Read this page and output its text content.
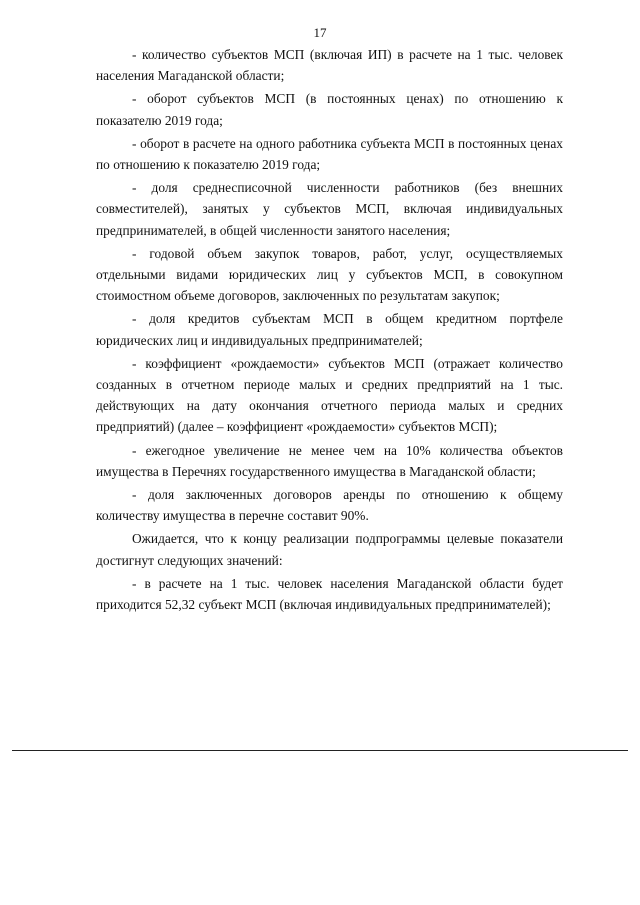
17

- количество субъектов МСП (включая ИП) в расчете на 1 тыс. человек населения Магаданской области;

- оборот субъектов МСП (в постоянных ценах) по отношению к показателю 2019 года;

- оборот в расчете на одного работника субъекта МСП в постоянных ценах по отношению к показателю 2019 года;

- доля среднесписочной численности работников (без внешних совместителей), занятых у субъектов МСП, включая индивидуальных предпринимателей, в общей численности занятого населения;

- годовой объем закупок товаров, работ, услуг, осуществляемых отдельными видами юридических лиц у субъектов МСП, в совокупном стоимостном объеме договоров, заключенных по результатам закупок;

- доля кредитов субъектам МСП в общем кредитном портфеле юридических лиц и индивидуальных предпринимателей;

- коэффициент «рождаемости» субъектов МСП (отражает количество созданных в отчетном периоде малых и средних предприятий на 1 тыс. действующих на дату окончания отчетного периода малых и средних предприятий) (далее – коэффициент «рождаемости» субъектов МСП);

- ежегодное увеличение не менее чем на 10% количества объектов имущества в Перечнях государственного имущества в Магаданской области;

- доля заключенных договоров аренды по отношению к общему количеству имущества в перечне составит 90%.

Ожидается, что к концу реализации подпрограммы целевые показатели достигнут следующих значений:

- в расчете на 1 тыс. человек населения Магаданской области будет приходится 52,32 субъект МСП (включая индивидуальных предпринимателей);
